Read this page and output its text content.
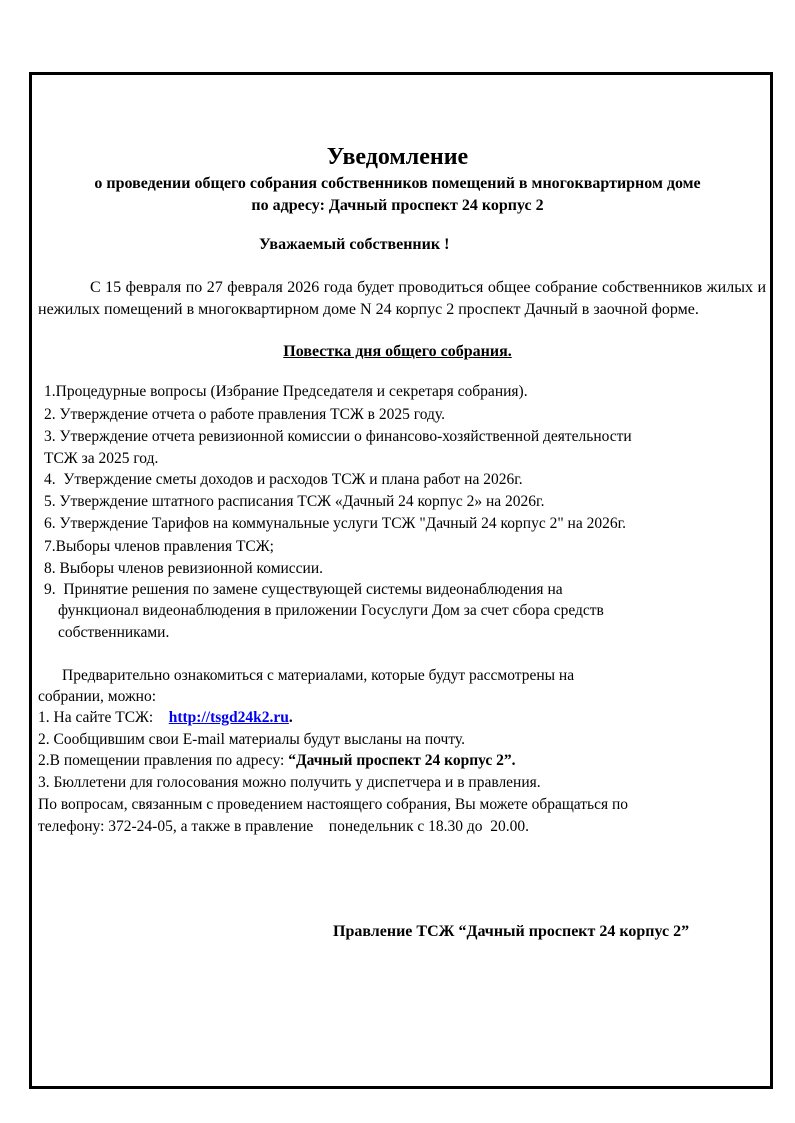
Уведомление
о проведении общего собрания собственников помещений в многоквартирном доме
по адресу: Дачный проспект 24 корпус 2
Уважаемый собственник !
С 15 февраля по 27 февраля 2026 года будет проводиться общее собрание собственников жилых и нежилых помещений в многоквартирном доме N 24 корпус 2 проспект Дачный в заочной форме.
Повестка дня общего собрания.
1.Процедурные вопросы (Избрание Председателя и секретаря собрания).
2. Утверждение отчета о работе правления ТСЖ в 2025 году.
3. Утверждение отчета ревизионной комиссии о финансово-хозяйственной деятельности
ТСЖ за 2025 год.
4.  Утверждение сметы доходов и расходов ТСЖ и плана работ на 2026г.
5. Утверждение штатного расписания ТСЖ «Дачный 24 корпус 2» на 2026г.
6. Утверждение Тарифов на коммунальные услуги ТСЖ "Дачный 24 корпус 2" на 2026г.
7.Выборы членов правления ТСЖ;
8. Выборы членов ревизионной комиссии.
9.  Принятие решения по замене существующей системы видеонаблюдения на
функционал видеонаблюдения в приложении Госуслуги Дом за счет сбора средств
собственниками.
Предварительно ознакомиться с материалами, которые будут рассмотрены на
собрании, можно:
1. На сайте ТСЖ: http://tsgd24k2.ru.
2. Сообщившим свои E-mail материалы будут высланы на почту.
2.В помещении правления по адресу: “Дачный проспект 24 корпус 2”.
3. Бюллетени для голосования можно получить у диспетчера и в правления.
По вопросам, связанным с проведением настоящего собрания, Вы можете обращаться по
телефону: 372-24-05, а также в правление    понедельник с 18.30 до  20.00.
Правление ТСЖ “Дачный проспект 24 корпус 2”
